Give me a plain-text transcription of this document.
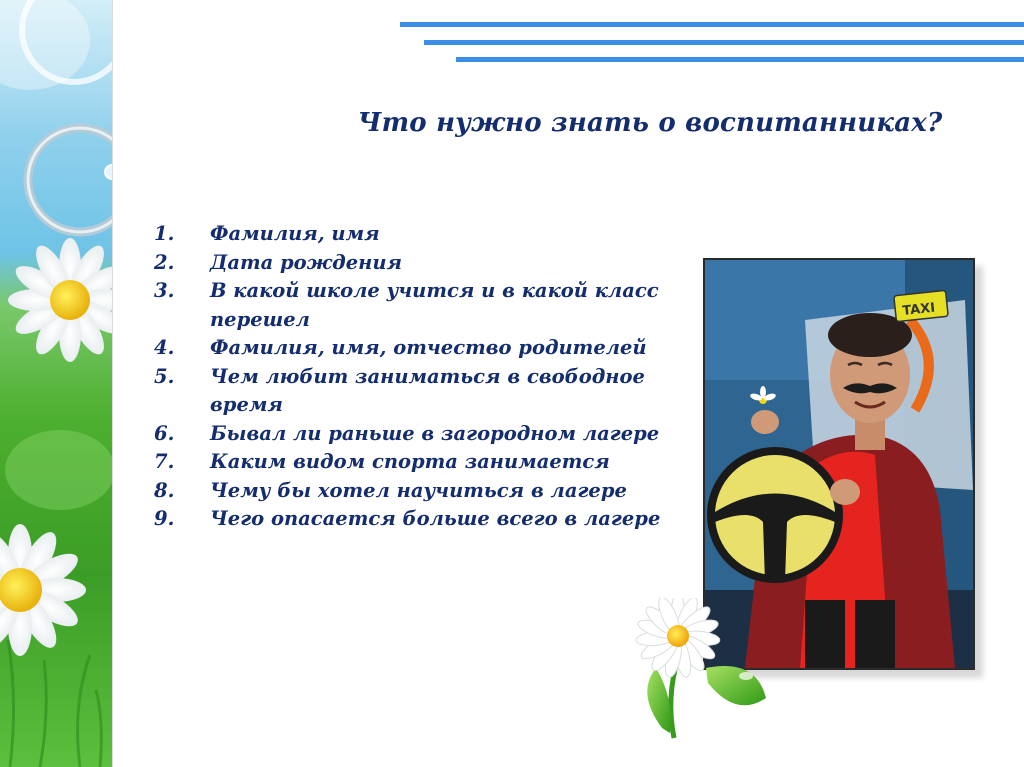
Что нужно знать о воспитанниках?
1. Фамилия, имя
2. Дата рождения
3. В какой школе учится и в какой класс перешел
4. Фамилия, имя, отчество родителей
5. Чем любит заниматься в свободное время
6. Бывал ли раньше в загородном лагере
7. Каким видом спорта занимается
8. Чему бы хотел научиться в лагере
9. Чего опасается больше всего в лагере
TAXI
